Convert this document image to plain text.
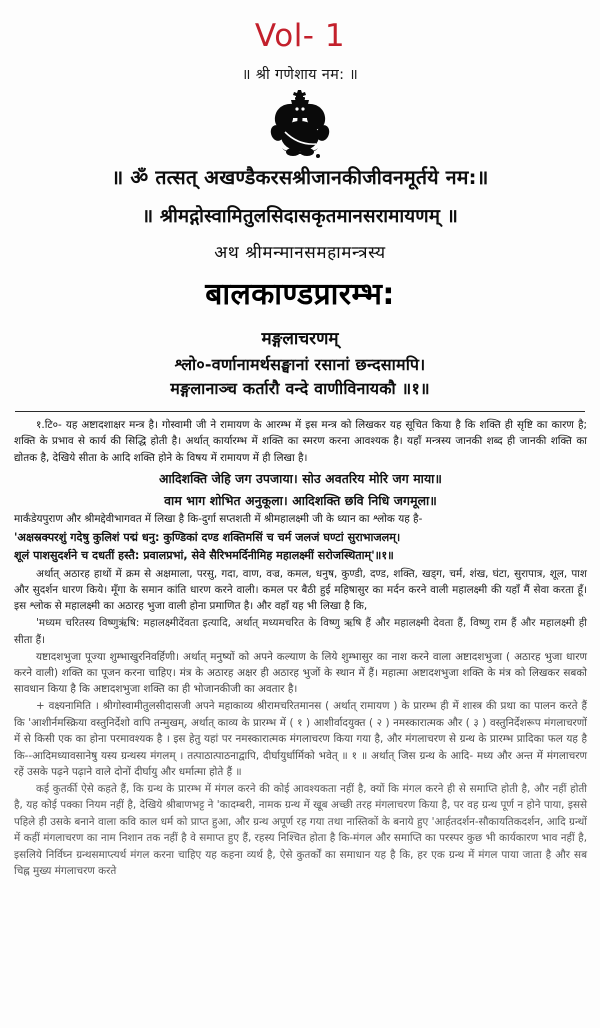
Vol- 1
॥ श्री गणेशाय नम: ॥
॥ ॐ तत्सत् अखण्डैकरसश्रीजानकीजीवनमूर्तये नम:॥
॥ श्रीमद्गोस्वामितुलसिदासकृतमानसरामायणम् ॥
अथ श्रीमन्मानसमहामन्त्रस्य
बालकाण्डप्रारम्भ:
मङ्गलाचरणम्
श्लो०-वर्णानामर्थसङ्घानां रसानां छन्दसामपि।
मङ्गलानाञ्च कर्तारौ वन्दे वाणीविनायकौ ॥१॥

१.टि०- यह अष्टादशाक्षर मन्त्र है। गोस्वामी जी ने रामायण के आरम्भ में इस मन्त्र को लिखकर यह सूचित किया है कि शक्ति ही सृष्टि का कारण है; शक्ति के प्रभाव से कार्य की सिद्धि होती है। अर्थात् कार्यारम्भ में शक्ति का स्मरण करना आवश्यक है। यहाँ मन्त्रस्य जानकी शब्द ही जानकी शक्ति का द्योतक है, देखिये सीता के आदि शक्ति होने के विषय में रामायण में ही लिखा है।

आदिशक्ति जेहि जग उपजाया। सोउ अवतरिय मोरि जग माया॥
वाम भाग शोभित अनुकूला। आदिशक्ति छवि निधि जगमूला॥

मार्कंडेयपुराण और श्रीमद्देवीभागवत में लिखा है कि-दुर्गा सप्तशती में श्रीमहालक्ष्मी जी के ध्यान का श्लोक यह है-

'अक्षस्रक्परशुं गदेषु कुलिशं पद्मं धनु: कुण्डिकां दण्ड शक्तिमसिं च चर्म जलजं घण्टां सुराभाजलम्।
शूलं पाशसुदर्शने च दधतीं हस्तै: प्रवालप्रभां, सेवे सैरिभमर्दिनीमिह महालक्ष्मीं सरोजस्थिताम्'॥१॥

अर्थात् अठारह हाथों में क्रम से अक्षमाला, परसु, गदा, वाण, वज्र, कमल, धनुष, कुण्डी, दण्ड, शक्ति, खड्ग, चर्म, शंख, घंटा, सुरापात्र, शूल, पाश और सुदर्शन धारण किये। मूँगा के समान कांति धारण करने वाली। कमल पर बैठी हुई महिषासुर का मर्दन करने वाली महालक्ष्मी की यहाँ मैं सेवा करता हूँ। इस श्लोक से महालक्ष्मी का अठारह भुजा वाली होना प्रमाणित है। और वहाँ यह भी लिखा है कि,

'मध्यम चरितस्य विष्णुऋंषि: महालक्ष्मीदेंवता इत्यादि, अर्थात् मध्यमचरित के विष्णु ऋषि हैं और महालक्ष्मी देवता हैं, विष्णु राम हैं और महालक्ष्मी ही सीता हैं।

यष्टादशभुजा पूज्या शुम्भाखुरनिवर्हिणी। अर्थात् मनुष्यों को अपने कल्याण के लिये शुम्भासुर का नाश करने वाला अष्टादशभुजा ( अठारह भुजा धारण करने वाली) शक्ति का पूजन करना चाहिए। मंत्र के अठारह अक्षर ही अठारह भुजों के स्थान में हैं। महात्मा अष्टादशभुजा शक्ति के मंत्र को लिखकर सबको सावधान किया है कि अष्टादशभुजा शक्ति का ही भोजानकीजी का अवतार है।

+ वक्ष्यनामिति । श्रीगोस्वामीतुलसीदासजी अपने महाकाव्य श्रीरामचरितमानस ( अर्थात् रामायण ) के प्रारम्भ ही में शास्त्र की प्रथा का पालन करते हैं कि 'आशीर्नमस्क्रिया वस्तुनिर्देशो वापि तन्मुखम्, अर्थात् काव्य के प्रारम्भ में ( १ ) आशीर्वादयुक्त ( २ ) नमस्कारात्मक और ( ३ ) वस्तुनिर्देशरूप मंगलाचरणों में से किसी एक का होना परमावश्यक है । इस हेतु यहां पर नमस्कारात्मक मंगलाचरण किया गया है, और मंगलाचरण से ग्रन्थ के प्रारम्भ प्रादिका फल यह है कि--आदिमध्यावसानेषु यस्य ग्रन्थस्य मंगलम् । तत्पाठात्पाठनाद्वापि, दीर्घायुर्धार्मिको भवेत् ॥ १ ॥ अर्थात् जिस ग्रन्थ के आदि- मध्य और अन्त में मंगलाचरण रहें उसके पढ़ने पढ़ाने वाले दोनों दीर्घायु और धर्मात्मा होते हैं ॥

कई कुतर्की ऐसे कहते हैं, कि ग्रन्थ के प्रारम्भ में मंगल करने की कोई आवश्यकता नहीं है, क्यों कि मंगल करने ही से समाप्ति होती है, और नहीं होती है, यह कोई पक्का नियम नहीं है, देखिये श्रीबाणभट्ट ने 'कादम्बरी, नामक ग्रन्थ में खूब अच्छी तरह मंगलाचरण किया है, पर वह ग्रन्थ पूर्ण न होने पाया, इससे पहिले ही उसके बनाने वाला कवि काल धर्म को प्राप्त हुआ, और ग्रन्थ अपूर्ण रह गया तथा नास्तिकों के बनाये हुए 'आर्हतदर्शन-सौकायतिकदर्शन, आदि ग्रन्थों में कहीं मंगलाचरण का नाम निशान तक नहीं है वे समाप्त हुए हैं, रहस्य निश्चित होता है कि-मंगल और समाप्ति का परस्पर कुछ भी कार्यकारण भाव नहीं है, इसलिये निर्विघ्न ग्रन्थसमाप्त्यर्थ मंगल करना चाहिए यह कहना व्यर्थ है, ऐसे कुतर्कों का समाधान यह है कि, हर एक ग्रन्थ में मंगल पाया जाता है और सब चिह्न मुख्य मंगलाचरण करते
